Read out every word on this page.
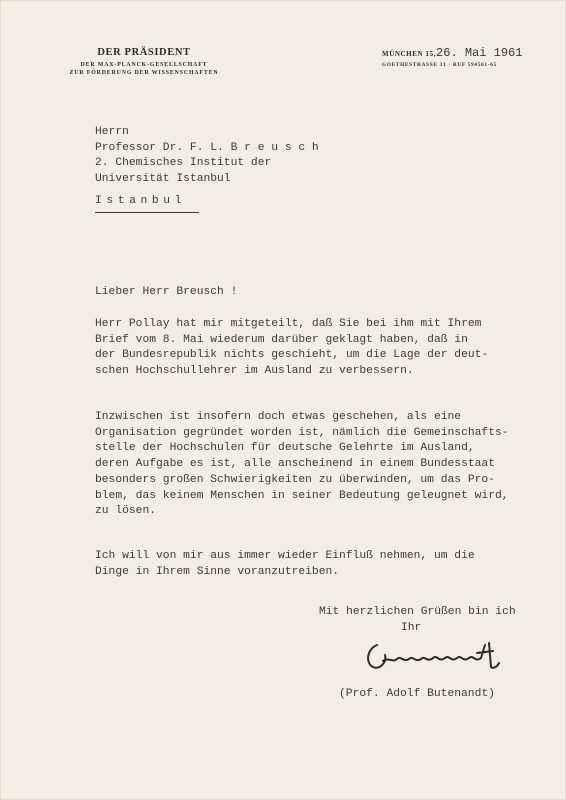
DER PRÄSIDENT
DER MAX-PLANCK-GESELLSCHAFT
ZUR FÖRDERUNG DER WISSENSCHAFTEN
MÜNCHEN 15,26. Mai 1961
GOETHESTRASSE 31 · RUF 594561-65
Herrn
Professor Dr. F. L. B r e u s c h
2. Chemisches Institut der
Universität Istanbul
Istanbul
Lieber Herr Breusch !
Herr Pollay hat mir mitgeteilt, daß Sie bei ihm mit Ihrem
Brief vom 8. Mai wiederum darüber geklagt haben, daß in
der Bundesrepublik nichts geschieht, um die Lage der deut-
schen Hochschullehrer im Ausland zu verbessern.
Inzwischen ist insofern doch etwas geschehen, als eine
Organisation gegründet worden ist, nämlich die Gemeinschafts-
stelle der Hochschulen für deutsche Gelehrte im Ausland,
deren Aufgabe es ist, alle anscheinend in einem Bundesstaat
besonders großen Schwierigkeiten zu überwinden, um das Pro-
blem, das keinem Menschen in seiner Bedeutung geleugnet wird,
zu lösen.
Ich will von mir aus immer wieder Einfluß nehmen, um die
Dinge in Ihrem Sinne voranzutreiben.
Mit herzlichen Grüßen bin ich
Ihr
(Prof. Adolf Butenandt)
